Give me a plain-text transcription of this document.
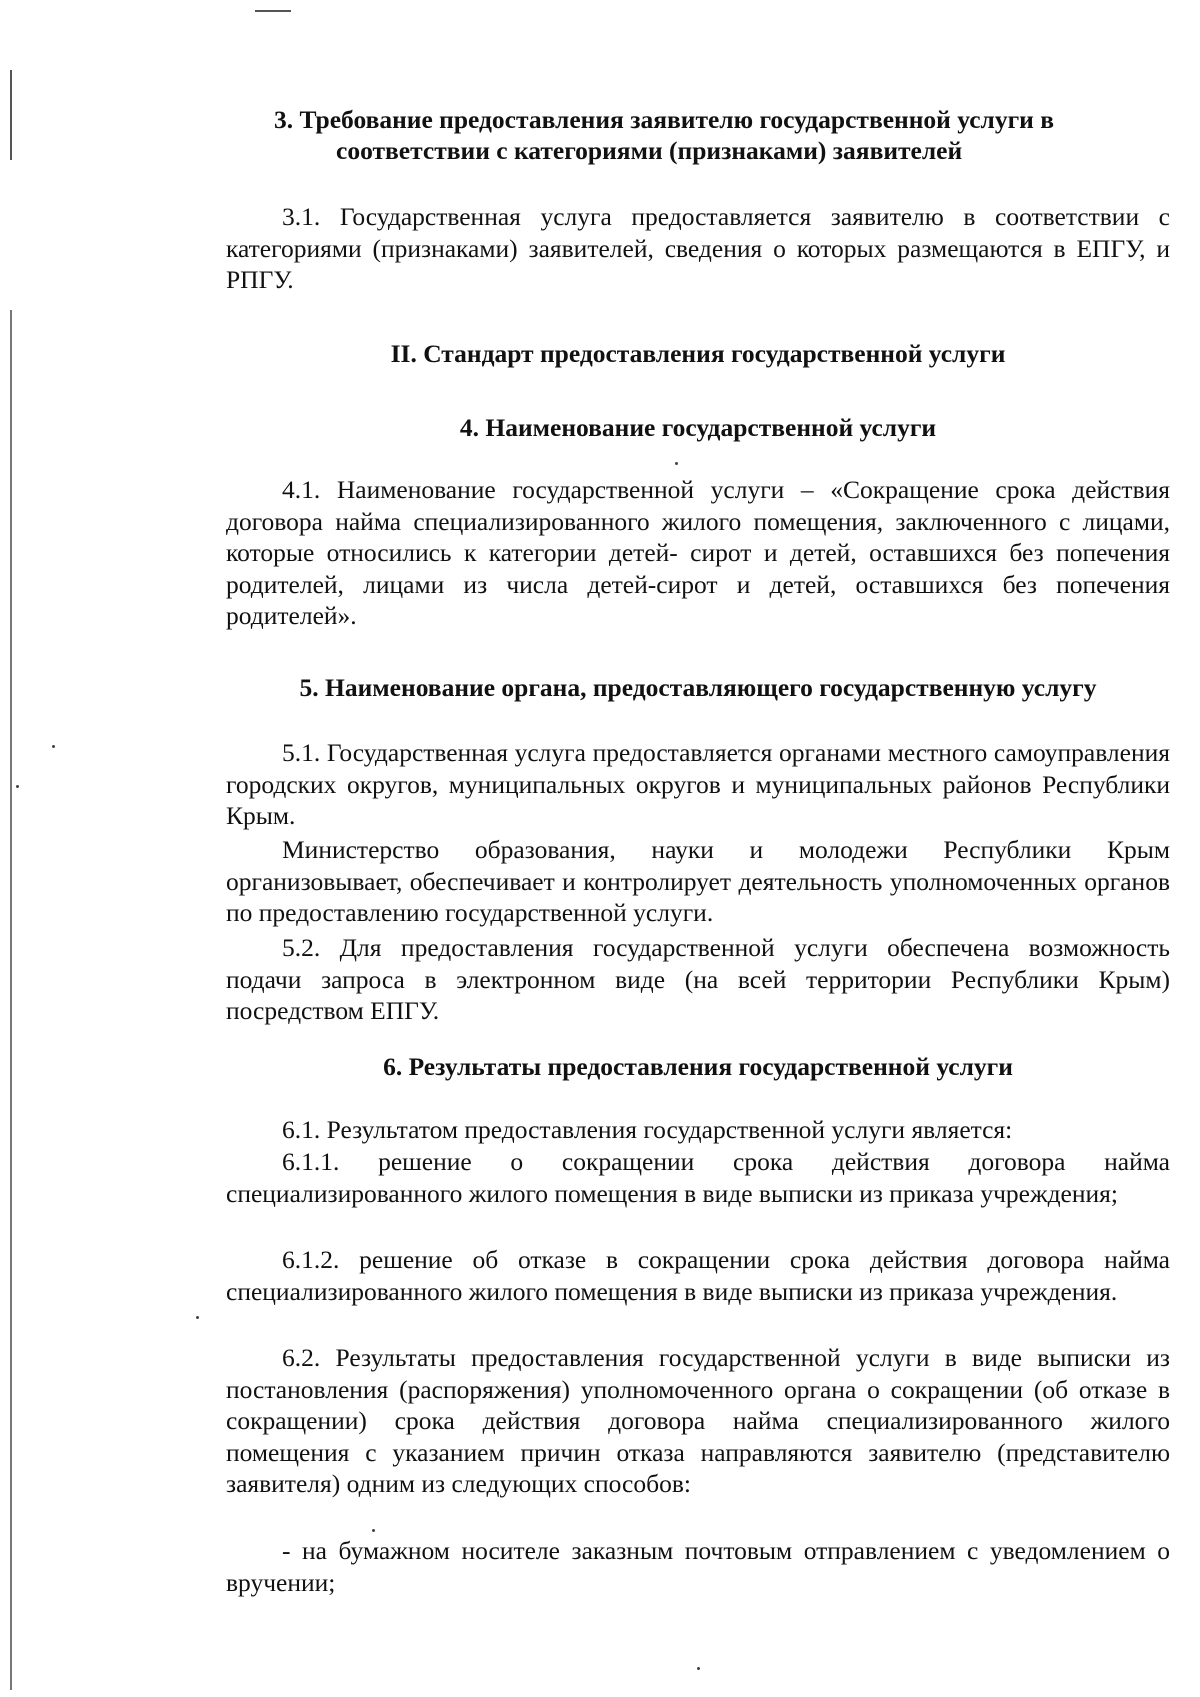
3. Требование предоставления заявителю государственной услуги в
соответствии с категориями (признаками) заявителей

3.1. Государственная услуга предоставляется заявителю в соответствии с категориями (признаками) заявителей, сведения о которых размещаются в ЕПГУ, и РПГУ.

II. Стандарт предоставления государственной услуги
4. Наименование государственной услуги

4.1. Наименование государственной услуги – «Сокращение срока действия договора найма специализированного жилого помещения, заключенного с лицами, которые относились к категории детей- сирот и детей, оставшихся без попечения родителей, лицами из числа детей-сирот и детей, оставшихся без попечения родителей».

5. Наименование органа, предоставляющего государственную услугу

5.1. Государственная услуга предоставляется органами местного самоуправления городских округов, муниципальных округов и муниципальных районов Республики Крым.

Министерство образования, науки и молодежи Республики Крым организовывает, обеспечивает и контролирует деятельность уполномоченных органов по предоставлению государственной услуги.

5.2. Для предоставления государственной услуги обеспечена возможность подачи запроса в электронном виде (на всей территории Республики Крым) посредством ЕПГУ.

6. Результаты предоставления государственной услуги

6.1. Результатом предоставления государственной услуги является:

6.1.1. решение о сокращении срока действия договора найма специализированного жилого помещения в виде выписки из приказа учреждения;

6.1.2. решение об отказе в сокращении срока действия договора найма специализированного жилого помещения в виде выписки из приказа учреждения.

6.2. Результаты предоставления государственной услуги в виде выписки из постановления (распоряжения) уполномоченного органа о сокращении (об отказе в сокращении) срока действия договора найма специализированного жилого помещения с указанием причин отказа направляются заявителю (представителю заявителя) одним из следующих способов:

- на бумажном носителе заказным почтовым отправлением с уведомлением о вручении;
